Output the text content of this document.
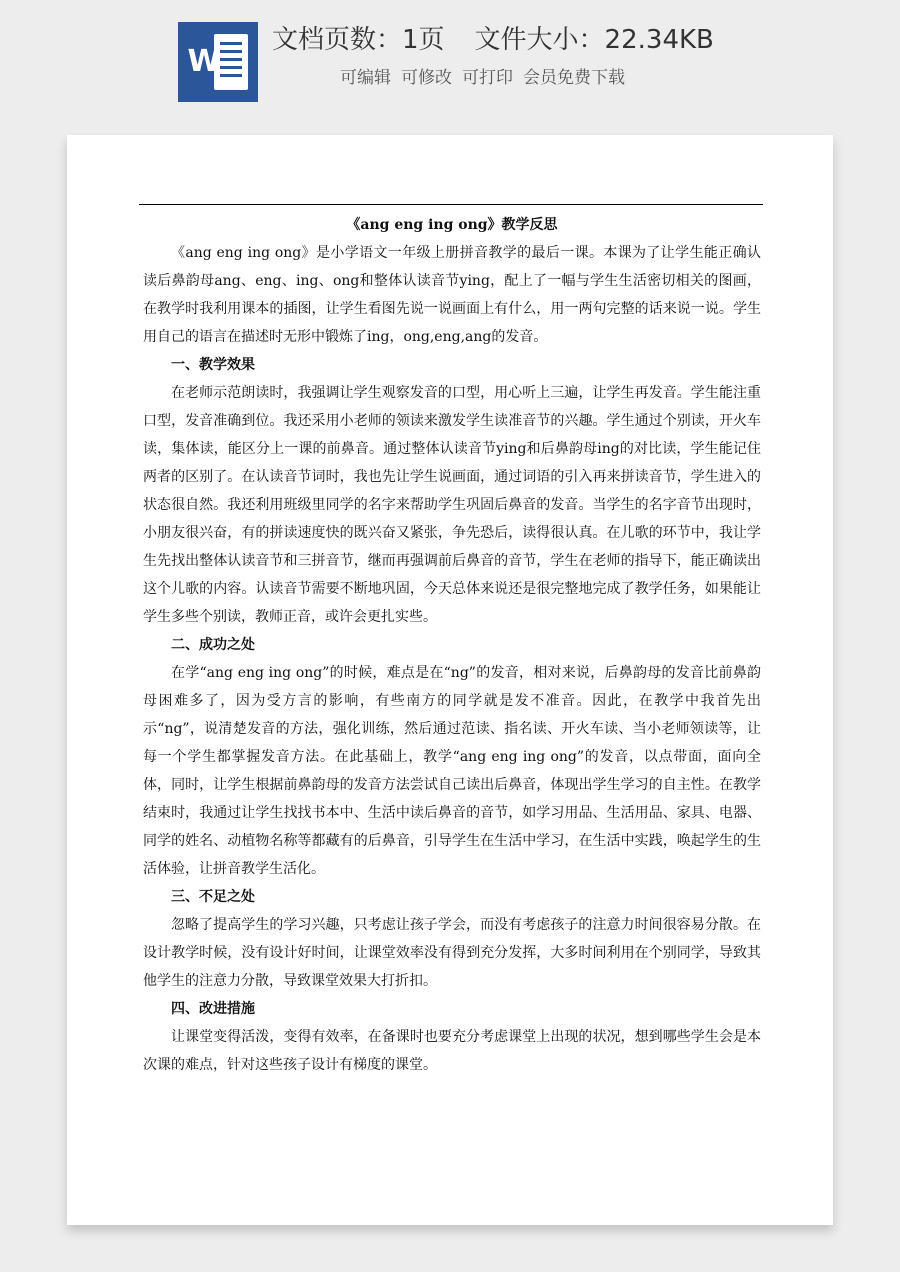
W
文档页数：1页 文件大小：22.34KB
可编辑 可修改 可打印 会员免费下载
《ang eng ing ong》教学反思

《ang eng ing ong》是小学语文一年级上册拼音教学的最后一课。本课为了让学生能正确认读后鼻韵母ang、eng、ing、ong和整体认读音节ying，配上了一幅与学生生活密切相关的图画，在教学时我利用课本的插图，让学生看图先说一说画面上有什么，用一两句完整的话来说一说。学生用自己的语言在描述时无形中锻炼了ing，ong,eng,ang的发音。

一、教学效果

在老师示范朗读时，我强调让学生观察发音的口型，用心听上三遍，让学生再发音。学生能注重口型，发音准确到位。我还采用小老师的领读来激发学生读准音节的兴趣。学生通过个别读，开火车读，集体读，能区分上一课的前鼻音。通过整体认读音节ying和后鼻韵母ing的对比读，学生能记住两者的区别了。在认读音节词时，我也先让学生说画面，通过词语的引入再来拼读音节，学生进入的状态很自然。我还利用班级里同学的名字来帮助学生巩固后鼻音的发音。当学生的名字音节出现时，小朋友很兴奋，有的拼读速度快的既兴奋又紧张，争先恐后，读得很认真。在儿歌的环节中，我让学生先找出整体认读音节和三拼音节，继而再强调前后鼻音的音节，学生在老师的指导下，能正确读出这个儿歌的内容。认读音节需要不断地巩固，今天总体来说还是很完整地完成了教学任务，如果能让学生多些个别读，教师正音，或许会更扎实些。

二、成功之处

在学“ang eng ing ong”的时候，难点是在“ng”的发音，相对来说，后鼻韵母的发音比前鼻韵母困难多了，因为受方言的影响，有些南方的同学就是发不准音。因此，在教学中我首先出示“ng”，说清楚发音的方法，强化训练，然后通过范读、指名读、开火车读、当小老师领读等，让每一个学生都掌握发音方法。在此基础上，教学“ang eng ing ong”的发音，以点带面，面向全体，同时，让学生根据前鼻韵母的发音方法尝试自己读出后鼻音，体现出学生学习的自主性。在教学结束时，我通过让学生找找书本中、生活中读后鼻音的音节，如学习用品、生活用品、家具、电器、同学的姓名、动植物名称等都藏有的后鼻音，引导学生在生活中学习，在生活中实践，唤起学生的生活体验，让拼音教学生活化。

三、不足之处

忽略了提高学生的学习兴趣，只考虑让孩子学会，而没有考虑孩子的注意力时间很容易分散。在设计教学时候，没有设计好时间，让课堂效率没有得到充分发挥，大多时间利用在个别同学，导致其他学生的注意力分散，导致课堂效果大打折扣。

四、改进措施

让课堂变得活泼，变得有效率，在备课时也要充分考虑课堂上出现的状况，想到哪些学生会是本次课的难点，针对这些孩子设计有梯度的课堂。
